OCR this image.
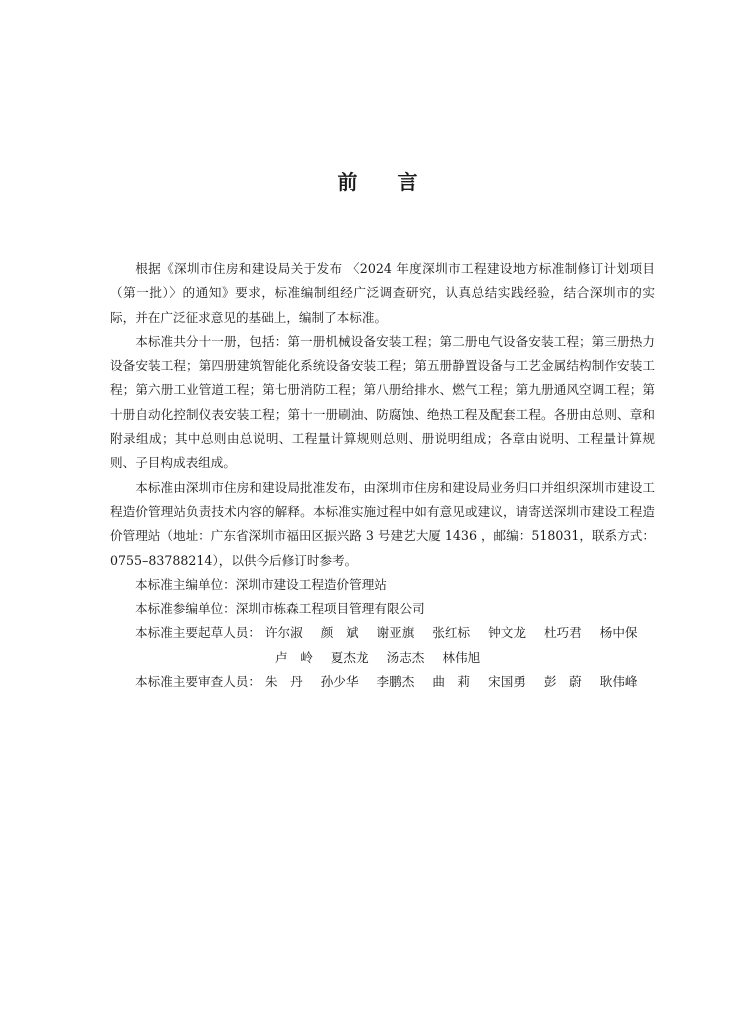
前 言

根据《深圳市住房和建设局关于发布 〈2024 年度深圳市工程建设地方标准制修订计划项目（第一批）〉的通知》要求，标准编制组经广泛调查研究，认真总结实践经验，结合深圳市的实际，并在广泛征求意见的基础上，编制了本标准。

本标准共分十一册，包括：第一册机械设备安装工程；第二册电气设备安装工程；第三册热力设备安装工程；第四册建筑智能化系统设备安装工程；第五册静置设备与工艺金属结构制作安装工程；第六册工业管道工程；第七册消防工程；第八册给排水、燃气工程；第九册通风空调工程；第十册自动化控制仪表安装工程；第十一册刷油、防腐蚀、绝热工程及配套工程。各册由总则、章和附录组成；其中总则由总说明、工程量计算规则总则、册说明组成；各章由说明、工程量计算规则、子目构成表组成。

本标准由深圳市住房和建设局批准发布，由深圳市住房和建设局业务归口并组织深圳市建设工程造价管理站负责技术内容的解释。本标准实施过程中如有意见或建议，请寄送深圳市建设工程造价管理站（地址：广东省深圳市福田区振兴路 3 号建艺大厦 1436 ，邮编：518031，联系方式： 0755–83788214），以供今后修订时参考。

本标准主编单位：深圳市建设工程造价管理站
本标准参编单位：深圳市栋森工程项目管理有限公司
本标准主要起草人员： 许尔淑 颜　斌 谢亚旗 张红标 钟文龙 杜巧君 杨中保
卢　岭 夏杰龙 汤志杰 林伟旭
本标准主要审查人员： 朱　丹 孙少华 李鹏杰 曲　莉 宋国勇 彭　蔚 耿伟峰
